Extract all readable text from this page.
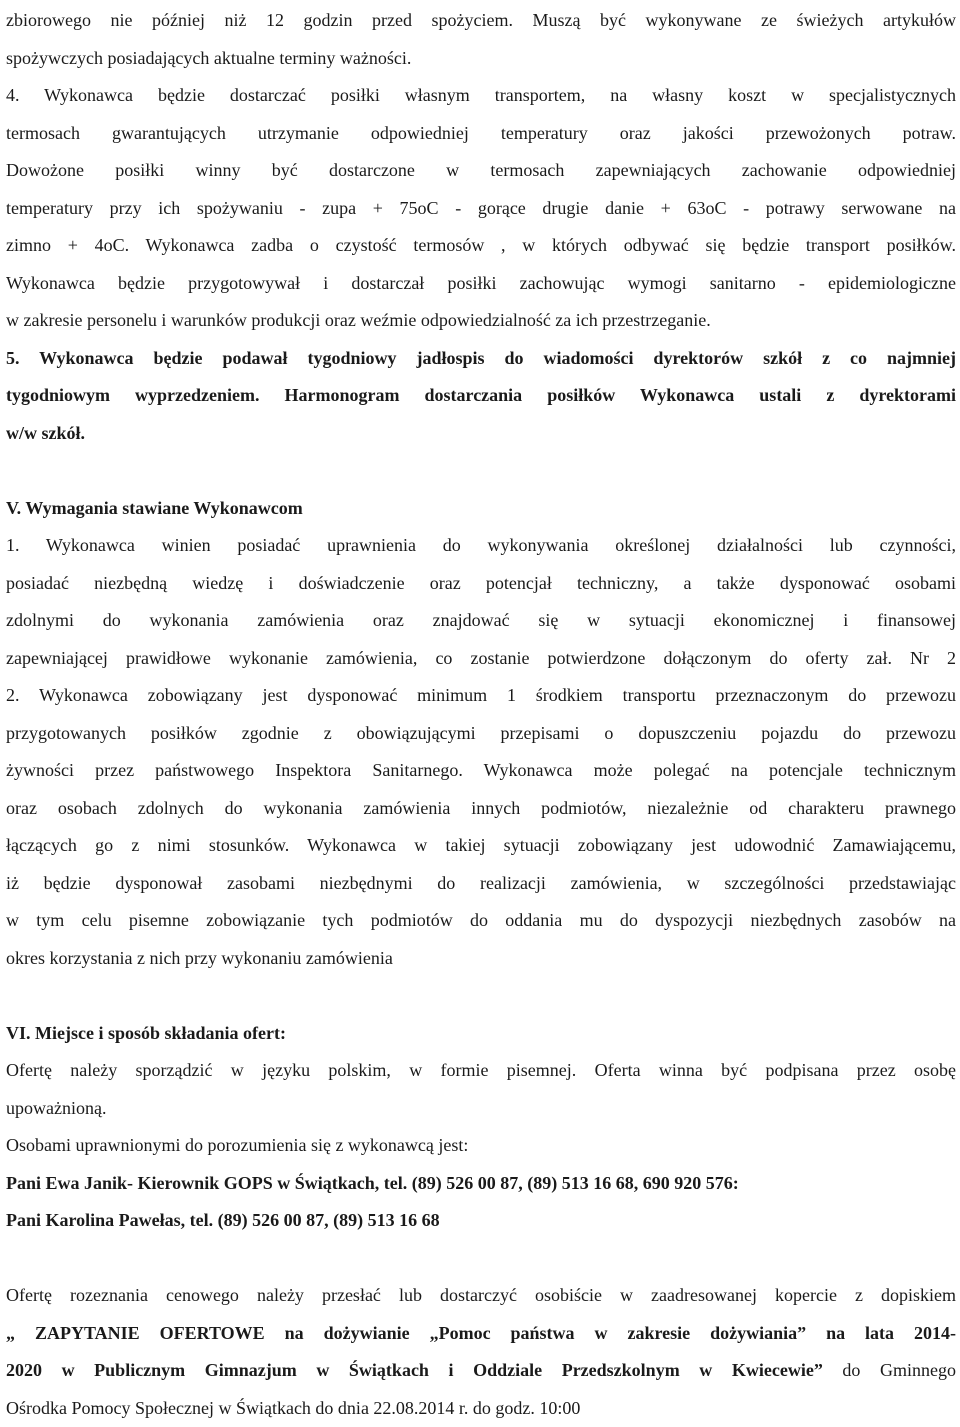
zbiorowego nie później niż 12 godzin przed spożyciem. Muszą być wykonywane ze świeżych artykułów
spożywczych posiadających aktualne terminy ważności.
4. Wykonawca będzie dostarczać posiłki własnym transportem, na własny koszt w specjalistycznych
termosach gwarantujących utrzymanie odpowiedniej temperatury oraz jakości przewożonych potraw.
Dowożone posiłki winny być dostarczone w termosach zapewniających zachowanie odpowiedniej
temperatury przy ich spożywaniu - zupa + 75oC - gorące drugie danie + 63oC - potrawy serwowane na
zimno + 4oC. Wykonawca zadba o czystość termosów , w których odbywać się będzie transport posiłków.
Wykonawca będzie przygotowywał i dostarczał posiłki zachowując wymogi sanitarno - epidemiologiczne
w zakresie personelu i warunków produkcji oraz weźmie odpowiedzialność za ich przestrzeganie.
5. Wykonawca będzie podawał tygodniowy jadłospis do wiadomości dyrektorów szkół z co najmniej
tygodniowym wyprzedzeniem. Harmonogram dostarczania posiłków Wykonawca ustali z dyrektorami
w/w szkół.
V. Wymagania stawiane Wykonawcom
1. Wykonawca winien posiadać uprawnienia do wykonywania określonej działalności lub czynności,
posiadać niezbędną wiedzę i doświadczenie oraz potencjał techniczny, a także dysponować osobami
zdolnymi do wykonania zamówienia oraz znajdować się w sytuacji ekonomicznej i finansowej
zapewniającej prawidłowe wykonanie zamówienia, co zostanie potwierdzone dołączonym do oferty zał. Nr 2
2. Wykonawca zobowiązany jest dysponować minimum 1 środkiem transportu przeznaczonym do przewozu
przygotowanych posiłków zgodnie z obowiązującymi przepisami o dopuszczeniu pojazdu do przewozu
żywności przez państwowego Inspektora Sanitarnego. Wykonawca może polegać na potencjale technicznym
oraz osobach zdolnych do wykonania zamówienia innych podmiotów, niezależnie od charakteru prawnego
łączących go z nimi stosunków. Wykonawca w takiej sytuacji zobowiązany jest udowodnić Zamawiającemu,
iż będzie dysponował zasobami niezbędnymi do realizacji zamówienia, w szczególności przedstawiając
w tym celu pisemne zobowiązanie tych podmiotów do oddania mu do dyspozycji niezbędnych zasobów na
okres korzystania z nich przy wykonaniu zamówienia
VI. Miejsce i sposób składania ofert:
Ofertę należy sporządzić w języku polskim, w formie pisemnej. Oferta winna być podpisana przez osobę
upoważnioną.
Osobami uprawnionymi do porozumienia się z wykonawcą jest:
Pani Ewa Janik- Kierownik GOPS w Świątkach, tel. (89) 526 00 87, (89) 513 16 68, 690 920 576:
Pani Karolina Pawełas, tel. (89) 526 00 87, (89) 513 16 68
Ofertę rozeznania cenowego należy przesłać lub dostarczyć osobiście w zaadresowanej kopercie z dopiskiem
„ ZAPYTANIE OFERTOWE na dożywianie „Pomoc państwa w zakresie dożywiania” na lata 2014-
2020 w Publicznym Gimnazjum w Świątkach i Oddziale Przedszkolnym w Kwiecewie” do Gminnego
Ośrodka Pomocy Społecznej w Świątkach do dnia 22.08.2014 r. do godz. 10:00
